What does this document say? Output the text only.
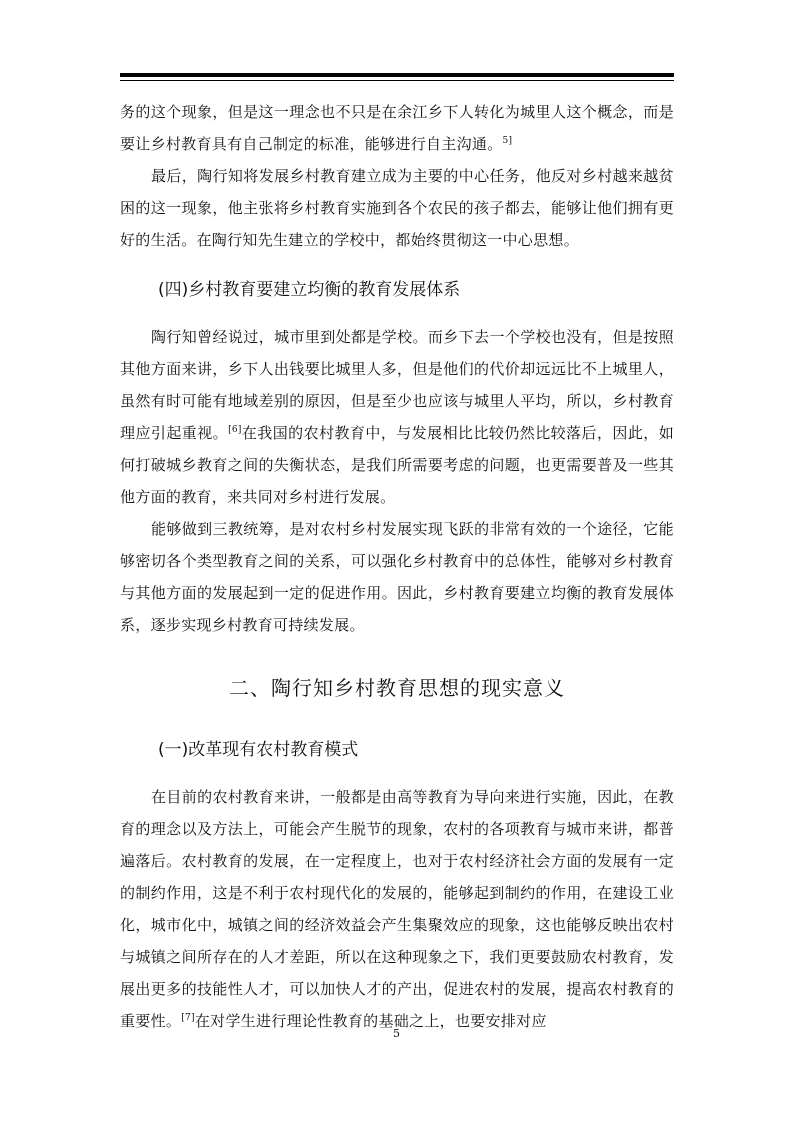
务的这个现象，但是这一理念也不只是在余江乡下人转化为城里人这个概念，而是要让乡村教育具有自己制定的标准，能够进行自主沟通。$^{5]}$

最后，陶行知将发展乡村教育建立成为主要的中心任务，他反对乡村越来越贫困的这一现象，他主张将乡村教育实施到各个农民的孩子都去，能够让他们拥有更好的生活。在陶行知先生建立的学校中，都始终贯彻这一中心思想。

(四)乡村教育要建立均衡的教育发展体系

陶行知曾经说过，城市里到处都是学校。而乡下去一个学校也没有，但是按照其他方面来讲，乡下人出钱要比城里人多，但是他们的代价却远远比不上城里人，虽然有时可能有地域差别的原因，但是至少也应该与城里人平均，所以，乡村教育理应引起重视。[6]在我国的农村教育中，与发展相比比较仍然比较落后，因此，如何打破城乡教育之间的失衡状态，是我们所需要考虑的问题，也更需要普及一些其他方面的教育，来共同对乡村进行发展。

能够做到三教统筹，是对农村乡村发展实现飞跃的非常有效的一个途径，它能够密切各个类型教育之间的关系，可以强化乡村教育中的总体性，能够对乡村教育与其他方面的发展起到一定的促进作用。因此，乡村教育要建立均衡的教育发展体系，逐步实现乡村教育可持续发展。

二、陶行知乡村教育思想的现实意义
(一)改革现有农村教育模式

在目前的农村教育来讲，一般都是由高等教育为导向来进行实施，因此，在教育的理念以及方法上，可能会产生脱节的现象，农村的各项教育与城市来讲，都普遍落后。农村教育的发展，在一定程度上，也对于农村经济社会方面的发展有一定的制约作用，这是不利于农村现代化的发展的，能够起到制约的作用，在建设工业化，城市化中，城镇之间的经济效益会产生集聚效应的现象，这也能够反映出农村与城镇之间所存在的人才差距，所以在这种现象之下，我们更要鼓励农村教育，发展出更多的技能性人才，可以加快人才的产出，促进农村的发展，提高农村教育的重要性。[7]在对学生进行理论性教育的基础之上，也要安排对应

5
